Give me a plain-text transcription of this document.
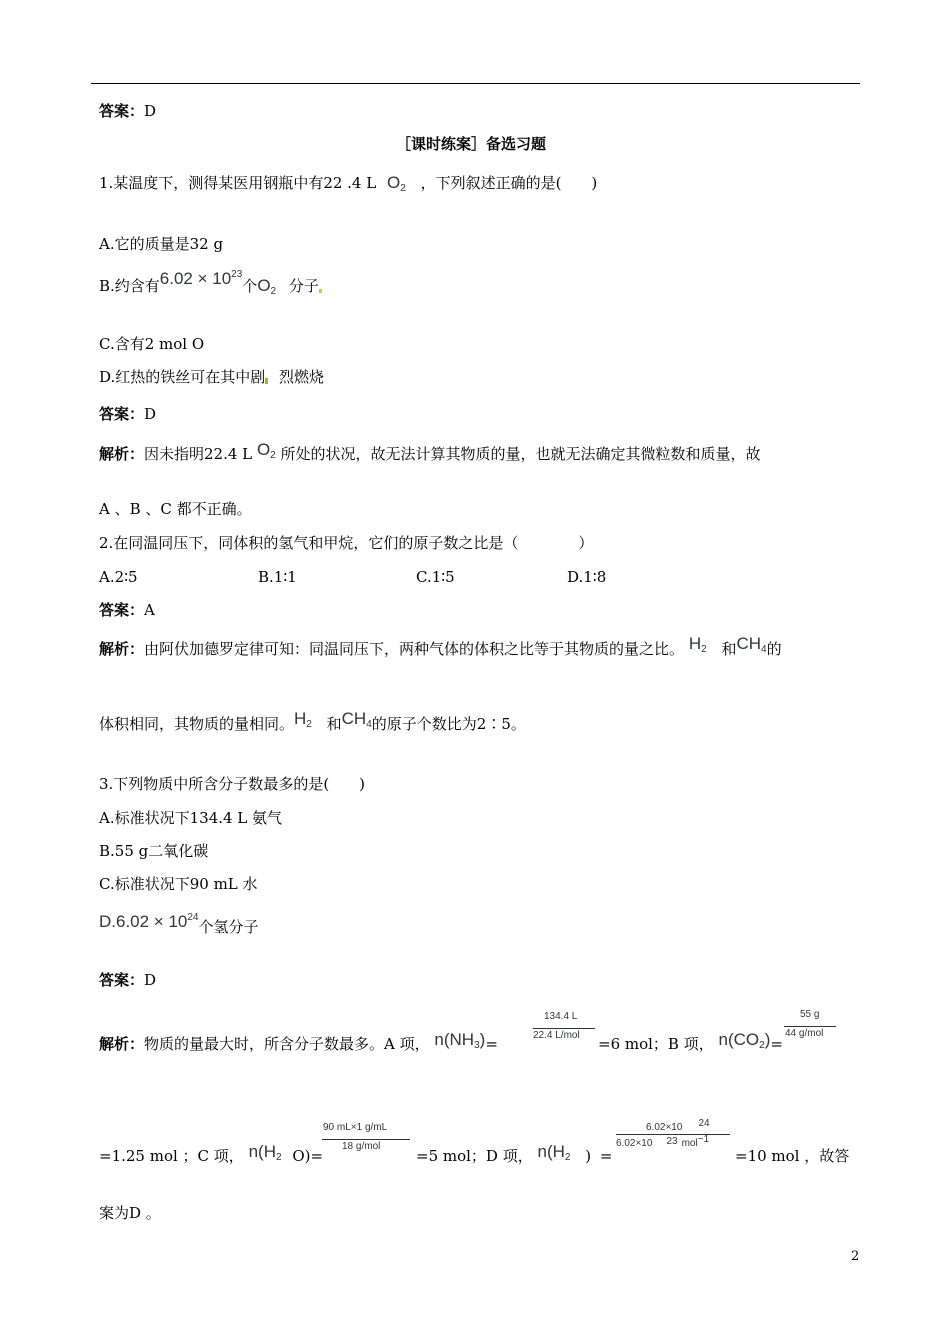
答案：D
［课时练案］备选习题
1.某温度下，测得某医用钢瓶中有22 .4 L $O_2$ ，下列叙述正确的是(　　)
A.它的质量是32 g
B.约含有$6.02 \times 10^{23}$个$O_2$ 分子
C.含有2 mol O
D.红热的铁丝可在其中剧 烈燃烧
答案：D
解析：因未指明22.4 L $O_2$ 所处的状况，故无法计算其物质的量，也就无法确定其微粒数和质量，故
A 、B 、C 都不正确。
2.在同温同压下，同体积的氢气和甲烷，它们的原子数之比是（　　　　）
A.2∶5	B.1∶1	C.1∶5	D.1∶8
答案：A
解析：由阿伏加德罗定律可知：同温同压下，两种气体的体积之比等于其物质的量之比。 $H_2$ 和$CH_4$的
体积相同，其物质的量相同。$H_2$ 和$CH_4$的原子个数比为2∶5。
3.下列物质中所含分子数最多的是(　　)
A.标准状况下134.4 L 氨气
B.55 g二氧化碳
C.标准状况下90 mL 水
$D.6.02 \times 10^{24}$个氢分子
答案：D
解析：物质的量最大时，所含分子数最多。A 项， $n(NH_3)=$
134.4 L
22.4 L/mol =6 mol；B 项， $n(CO_2)=$
55 g
44 g/mol
=1.25 mol ；C 项， $n(H_2$ O)=
90 mL×1 g/mL
18 g/mol
=5 mol；D 项， $n(H_2$ ) =
6.02×10 24
6.02×10 23 mol−1
=10 mol ，故答
案为D 。
2
